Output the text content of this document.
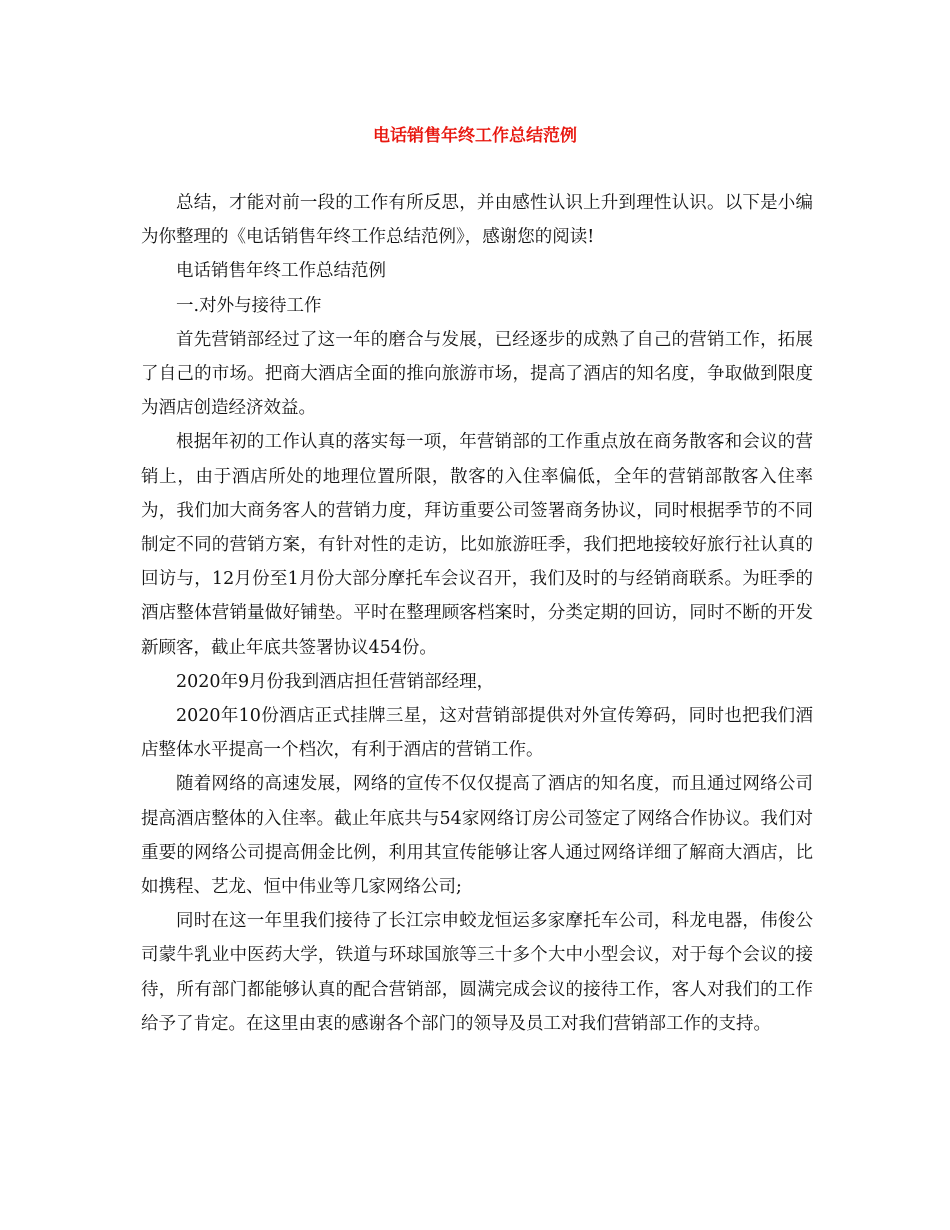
电话销售年终工作总结范例

总结，才能对前一段的工作有所反思，并由感性认识上升到理性认识。以下是小编为你整理的《电话销售年终工作总结范例》，感谢您的阅读!

电话销售年终工作总结范例

一.对外与接待工作

首先营销部经过了这一年的磨合与发展，已经逐步的成熟了自己的营销工作，拓展了自己的市场。把商大酒店全面的推向旅游市场，提高了酒店的知名度，争取做到限度为酒店创造经济效益。

根据年初的工作认真的落实每一项，年营销部的工作重点放在商务散客和会议的营销上，由于酒店所处的地理位置所限，散客的入住率偏低，全年的营销部散客入住率为，我们加大商务客人的营销力度，拜访重要公司签署商务协议，同时根据季节的不同制定不同的营销方案，有针对性的走访，比如旅游旺季，我们把地接较好旅行社认真的回访与，12月份至1月份大部分摩托车会议召开，我们及时的与经销商联系。为旺季的酒店整体营销量做好铺垫。平时在整理顾客档案时，分类定期的回访，同时不断的开发新顾客，截止年底共签署协议454份。

2020年9月份我到酒店担任营销部经理，

2020年10份酒店正式挂牌三星，这对营销部提供对外宣传筹码，同时也把我们酒店整体水平提高一个档次，有利于酒店的营销工作。

随着网络的高速发展，网络的宣传不仅仅提高了酒店的知名度，而且通过网络公司提高酒店整体的入住率。截止年底共与54家网络订房公司签定了网络合作协议。我们对重要的网络公司提高佣金比例，利用其宣传能够让客人通过网络详细了解商大酒店，比如携程、艺龙、恒中伟业等几家网络公司;

同时在这一年里我们接待了长江宗申蛟龙恒运多家摩托车公司，科龙电器，伟俊公司蒙牛乳业中医药大学，铁道与环球国旅等三十多个大中小型会议，对于每个会议的接待，所有部门都能够认真的配合营销部，圆满完成会议的接待工作，客人对我们的工作给予了肯定。在这里由衷的感谢各个部门的领导及员工对我们营销部工作的支持。
